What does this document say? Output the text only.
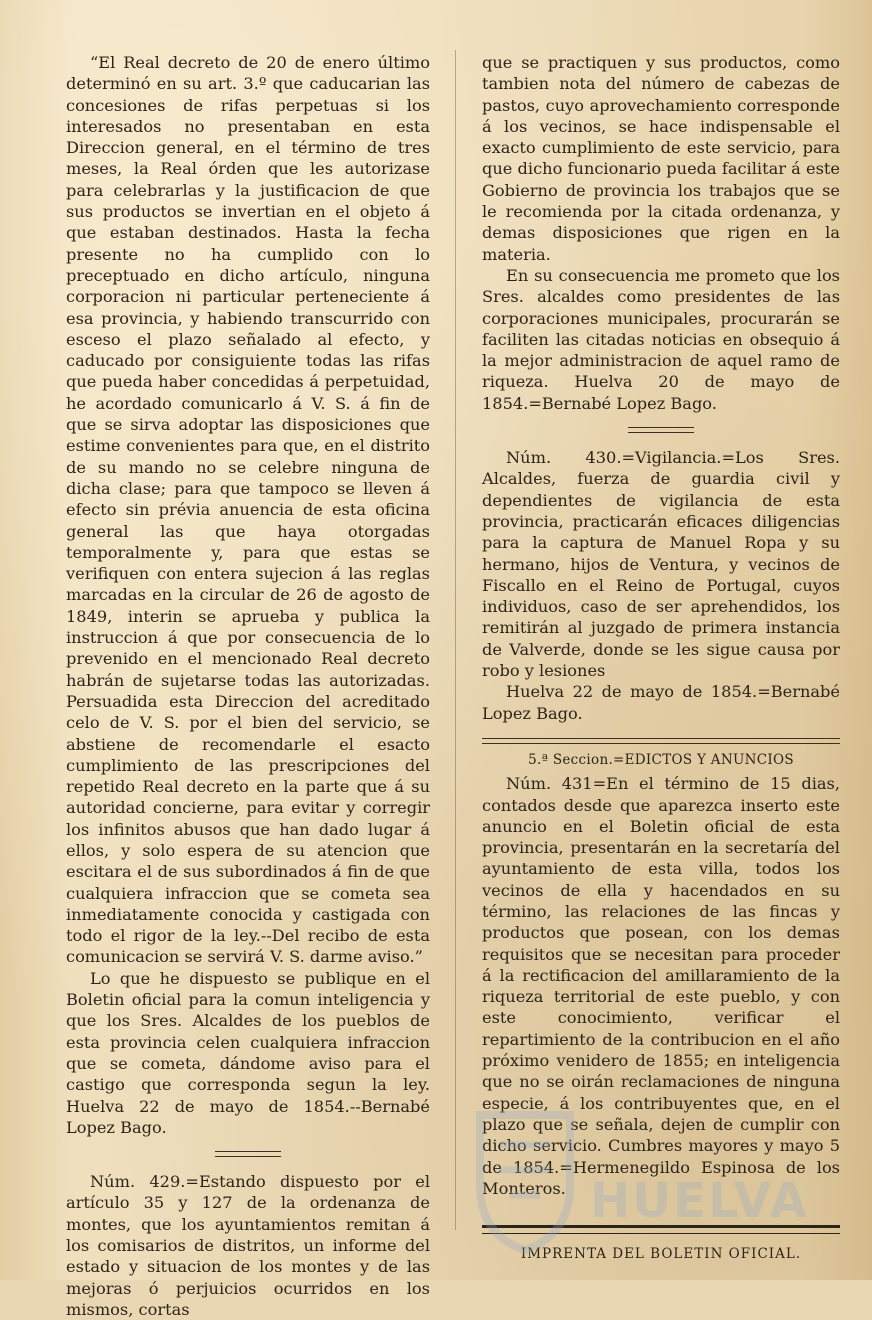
“El Real decreto de 20 de enero último determinó en su art. 3.º que caducarian las concesiones de rifas perpetuas si los interesados no presentaban en esta Direccion general, en el término de tres meses, la Real órden que les autorizase para celebrarlas y la justificacion de que sus productos se invertian en el objeto á que estaban destinados. Hasta la fecha presente no ha cumplido con lo preceptuado en dicho artículo, ninguna corporacion ni particular perteneciente á esa provincia, y habiendo transcurrido con esceso el plazo señalado al efecto, y caducado por consiguiente todas las rifas que pueda haber concedidas á perpetuidad, he acordado comunicarlo á V. S. á fin de que se sirva adoptar las disposiciones que estime convenientes para que, en el distrito de su mando no se celebre ninguna de dicha clase; para que tampoco se lleven á efecto sin prévia anuencia de esta oficina general las que haya otorgadas temporalmente y, para que estas se verifiquen con entera sujecion á las reglas marcadas en la circular de 26 de agosto de 1849, interin se aprueba y publica la instruccion á que por consecuencia de lo prevenido en el mencionado Real decreto habrán de sujetarse todas las autorizadas. Persuadida esta Direccion del acreditado celo de V. S. por el bien del servicio, se abstiene de recomendarle el esacto cumplimiento de las prescripciones del repetido Real decreto en la parte que á su autoridad concierne, para evitar y corregir los infinitos abusos que han dado lugar á ellos, y solo espera de su atencion que escitara el de sus subordinados á fin de que cualquiera infraccion que se cometa sea inmediatamente conocida y castigada con todo el rigor de la ley.--Del recibo de esta comunicacion se servirá V. S. darme aviso.”

Lo que he dispuesto se publique en el Boletin oficial para la comun inteligencia y que los Sres. Alcaldes de los pueblos de esta provincia celen cualquiera infraccion que se cometa, dándome aviso para el castigo que corresponda segun la ley. Huelva 22 de mayo de 1854.--Bernabé Lopez Bago.

Núm. 429.=Estando dispuesto por el artículo 35 y 127 de la ordenanza de montes, que los ayuntamientos remitan á los comisarios de distritos, un informe del estado y situacion de los montes y de las mejoras ó perjuicios ocurridos en los mismos, cortas

que se practiquen y sus productos, como tambien nota del número de cabezas de pastos, cuyo aprovechamiento corresponde á los vecinos, se hace indispensable el exacto cumplimiento de este servicio, para que dicho funcionario pueda facilitar á este Gobierno de provincia los trabajos que se le recomienda por la citada ordenanza, y demas disposiciones que rigen en la materia.

En su consecuencia me prometo que los Sres. alcaldes como presidentes de las corporaciones municipales, procurarán se faciliten las citadas noticias en obsequio á la mejor administracion de aquel ramo de riqueza. Huelva 20 de mayo de 1854.=Bernabé Lopez Bago.

Núm. 430.=Vigilancia.=Los Sres. Alcaldes, fuerza de guardia civil y dependientes de vigilancia de esta provincia, practicarán eficaces diligencias para la captura de Manuel Ropa y su hermano, hijos de Ventura, y vecinos de Fiscallo en el Reino de Portugal, cuyos individuos, caso de ser aprehendidos, los remitirán al juzgado de primera instancia de Valverde, donde se les sigue causa por robo y lesiones

Huelva 22 de mayo de 1854.=Bernabé Lopez Bago.

5.ª Seccion.=EDICTOS Y ANUNCIOS

Núm. 431=En el término de 15 dias, contados desde que aparezca inserto este anuncio en el Boletin oficial de esta provincia, presentarán en la secretaría del ayuntamiento de esta villa, todos los vecinos de ella y hacendados en su término, las relaciones de las fincas y productos que posean, con los demas requisitos que se necesitan para proceder á la rectificacion del amillaramiento de la riqueza territorial de este pueblo, y con este conocimiento, verificar el repartimiento de la contribucion en el año próximo venidero de 1855; en inteligencia que no se oirán reclamaciones de ninguna especie, á los contribuyentes que, en el plazo que se señala, dejen de cumplir con dicho servicio. Cumbres mayores y mayo 5 de 1854.=Hermenegildo Espinosa de los Monteros.

IMPRENTA DEL BOLETIN OFICIAL.
HUELVA
